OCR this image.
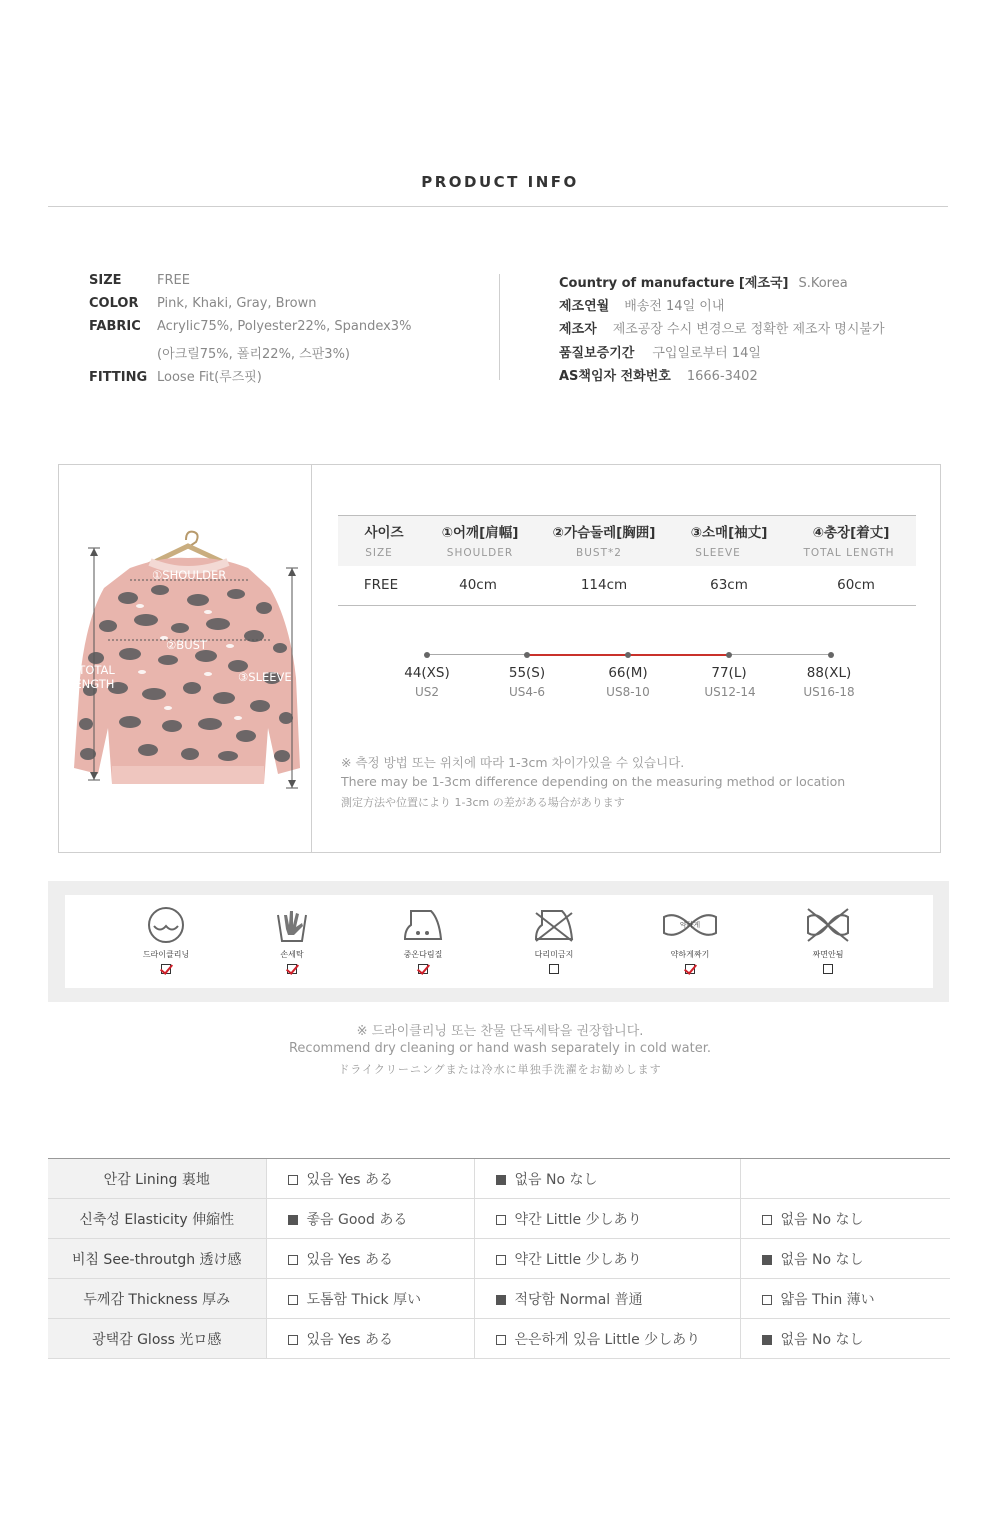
PRODUCT INFO
SIZE	FREE
COLOR Pink, Khaki, Gray, Brown
FABRIC Acrylic75%, Polyester22%, Spandex3%
(아크릴75%, 폴리22%, 스판3%)
FITTING Loose Fit(루즈핏)
Country of manufacture [제조국] S.Korea
제조연월 배송전 14일 이내
제조자 제조공장 수시 변경으로 정확한 제조자 명시불가
품질보증기간 구입일로부터 14일
AS책임자 전화번호 1666-3402
①SHOULDER
②BUST
③SLEEVE
④TOTAL
LENGTH
사이즈	①어깨[肩幅]	②가슴둘레[胸囲]	③소매[袖丈]	④총장[着丈]
SIZE	SHOULDER	BUST*2	SLEEVE	TOTAL LENGTH
FREE	40cm	114cm	63cm	60cm
44(XS)	55(S)	66(M)	77(L)	88(XL)
US2	US4-6	US8-10	US12-14	US16-18
※ 측정 방법 또는 위치에 따라 1-3cm 차이가있을 수 있습니다.
There may be 1-3cm difference depending on the measuring method or location
測定方法や位置により 1-3cm の差がある場合があります
드라이클리닝	손세탁	중온다림질	다리미금지
약하게
약하게짜기	짜면안됨
※ 드라이클리닝 또는 찬물 단독세탁을 권장합니다.
Recommend dry cleaning or hand wash separately in cold water.
ドライクリーニングまたは冷水に単独手洗濯をお勧めします
안감 Lining 裏地	있음 Yes ある	없음 No なし	
신축성 Elasticity 伸縮性	좋음 Good ある	약간 Little 少しあり	없음 No なし
비침 See-throutgh 透け感	있음 Yes ある	약간 Little 少しあり	없음 No なし
두께감 Thickness 厚み	도톰함 Thick 厚い	적당함 Normal 普通	얇음 Thin 薄い
광택감 Gloss 光ロ感	있음 Yes ある	은은하게 있음 Little 少しあり	없음 No なし
